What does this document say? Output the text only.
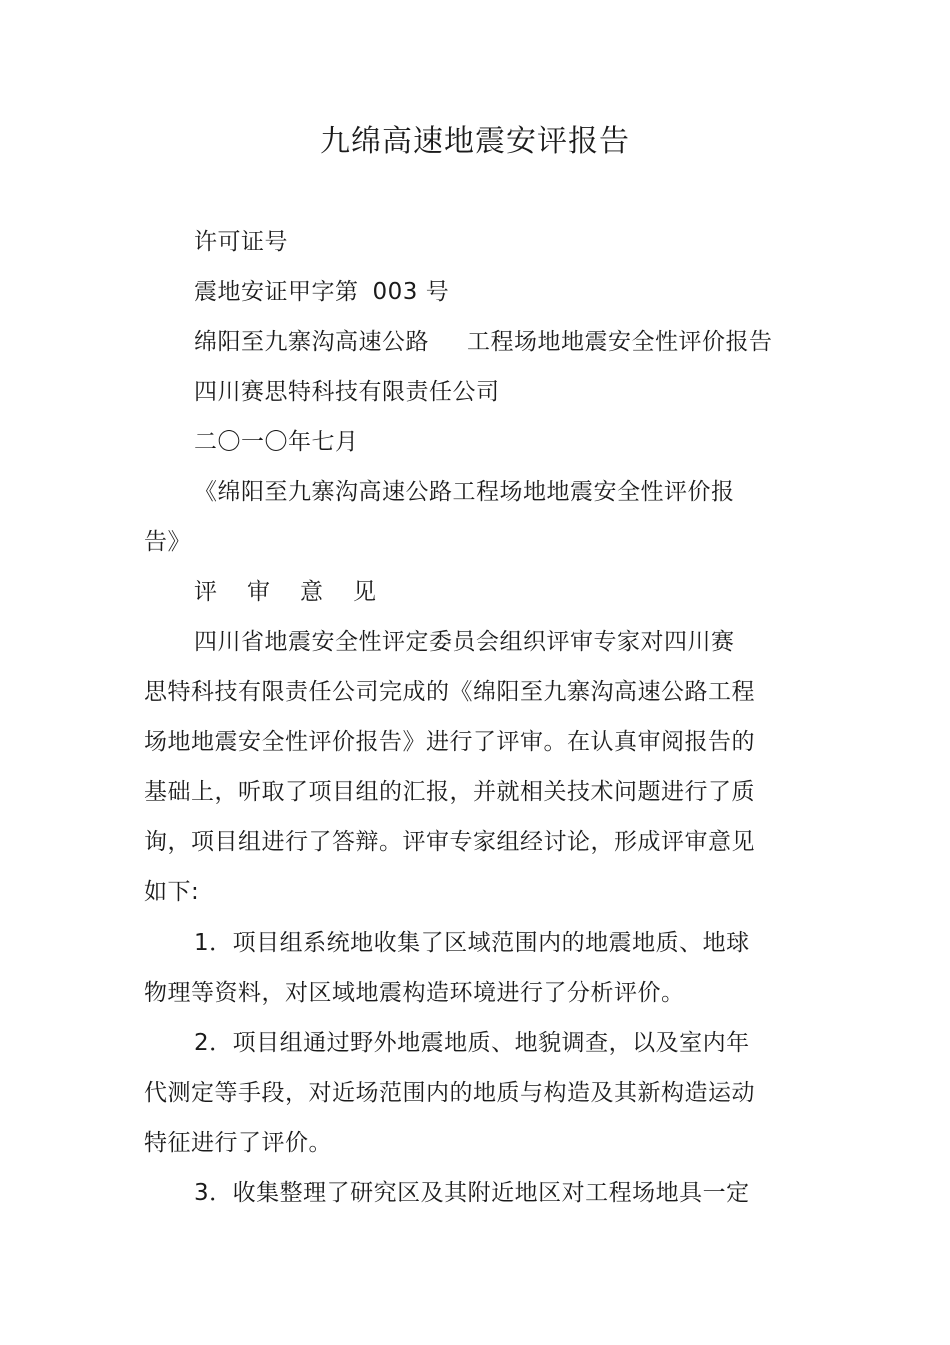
九绵高速地震安评报告
许可证号
震地安证甲字第 003 号
绵阳至九寨沟高速公路 工程场地地震安全性评价报告
四川赛思特科技有限责任公司
二〇一〇年七月
《绵阳至九寨沟高速公路工程场地地震安全性评价报
告》
评审意见
四川省地震安全性评定委员会组织评审专家对四川赛
思特科技有限责任公司完成的《绵阳至九寨沟高速公路工程
场地地震安全性评价报告》进行了评审。在认真审阅报告的
基础上，听取了项目组的汇报，并就相关技术问题进行了质
询，项目组进行了答辩。评审专家组经讨论，形成评审意见
如下:
1．项目组系统地收集了区域范围内的地震地质、地球
物理等资料，对区域地震构造环境进行了分析评价。
2．项目组通过野外地震地质、地貌调查，以及室内年
代测定等手段，对近场范围内的地质与构造及其新构造运动
特征进行了评价。
3．收集整理了研究区及其附近地区对工程场地具一定
